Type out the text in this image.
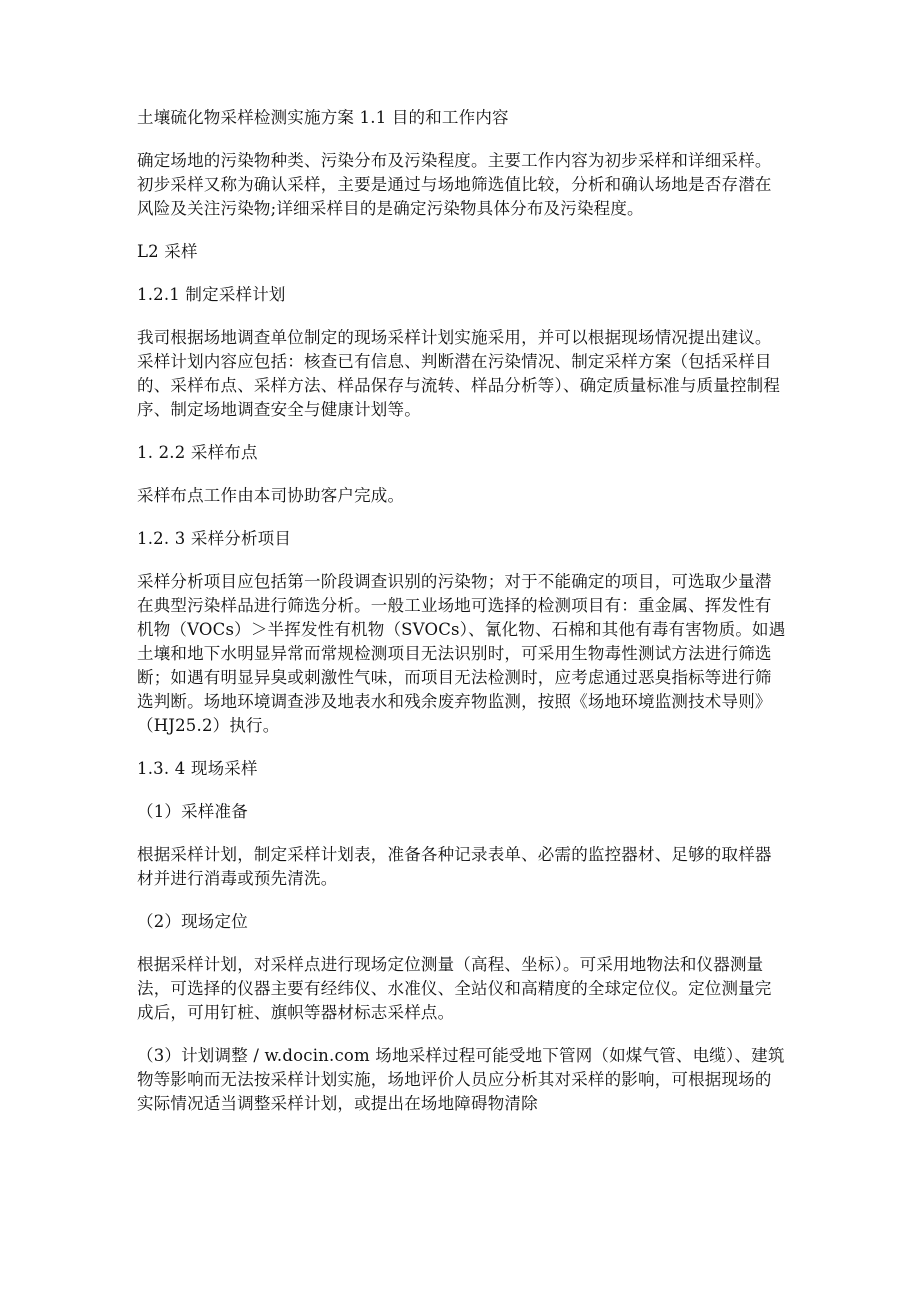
土壤硫化物采样检测实施方案 1.1 目的和工作内容

确定场地的污染物种类、污染分布及污染程度。主要工作内容为初步采样和详细采样。初步采样又称为确认采样，主要是通过与场地筛选值比较，分析和确认场地是否存潜在风险及关注污染物;详细采样目的是确定污染物具体分布及污染程度。

L2 采样

1.2.1 制定采样计划

我司根据场地调查单位制定的现场采样计划实施采用，并可以根据现场情况提出建议。采样计划内容应包括：核查已有信息、判断潜在污染情况、制定采样方案（包括采样目的、采样布点、采样方法、样品保存与流转、样品分析等）、确定质量标准与质量控制程序、制定场地调查安全与健康计划等。

1. 2.2 采样布点

采样布点工作由本司协助客户完成。

1.2. 3 采样分析项目

采样分析项目应包括第一阶段调查识别的污染物；对于不能确定的项目，可选取少量潜在典型污染样品进行筛选分析。一般工业场地可选择的检测项目有：重金属、挥发性有机物（VOCs）＞半挥发性有机物（SVOCs）、氰化物、石棉和其他有毒有害物质。如遇土壤和地下水明显异常而常规检测项目无法识别时，可采用生物毒性测试方法进行筛选断；如遇有明显异臭或刺激性气味，而项目无法检测时，应考虑通过恶臭指标等进行筛选判断。场地环境调查涉及地表水和残余废弃物监测，按照《场地环境监测技术导则》（HJ25.2）执行。

1.3. 4 现场采样

（1）采样准备

根据采样计划，制定采样计划表，准备各种记录表单、必需的监控器材、足够的取样器材并进行消毒或预先清洗。

（2）现场定位

根据采样计划，对采样点进行现场定位测量（高程、坐标）。可采用地物法和仪器测量法，可选择的仪器主要有经纬仪、水准仪、全站仪和高精度的全球定位仪。定位测量完成后，可用钉桩、旗帜等器材标志采样点。

（3）计划调整 / w.docin.com 场地采样过程可能受地下管网（如煤气管、电缆）、建筑物等影响而无法按采样计划实施，场地评价人员应分析其对采样的影响，可根据现场的实际情况适当调整采样计划，或提出在场地障碍物清除
